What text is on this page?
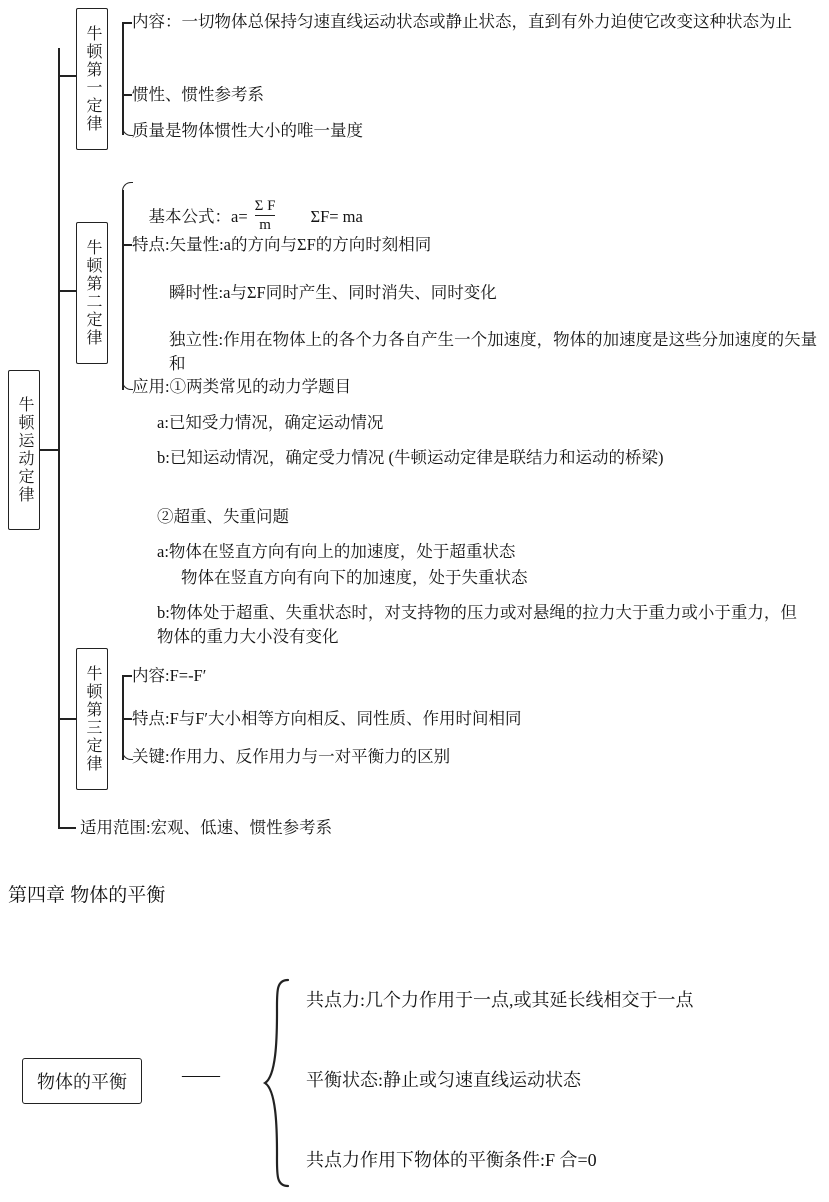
牛顿运动定律
牛顿第一定律
内容：一切物体总保持匀速直线运动状态或静止状态，直到有外力迫使它改变这种状态为止
惯性、惯性参考系
质量是物体惯性大小的唯一量度
牛顿第二定律

基本公式：$a= \frac{\text{Σ F}}{m} \Sigma F=$ ma

特点:矢量性:a的方向与ΣF的方向时刻相同
瞬时性:a与ΣF同时产生、同时消失、同时变化
独立性:作用在物体上的各个力各自产生一个加速度，物体的加速度是这些分加速度的矢量和
应用:①两类常见的动力学题目
a:已知受力情况，确定运动情况
b:已知运动情况，确定受力情况 (牛顿运动定律是联结力和运动的桥梁)
②超重、失重问题
a:物体在竖直方向有向上的加速度，处于超重状态
物体在竖直方向有向下的加速度，处于失重状态
b:物体处于超重、失重状态时，对支持物的压力或对悬绳的拉力大于重力或小于重力，但物体的重力大小没有变化
牛顿第三定律 内容:F=-F′
特点:F与F′大小相等方向相反、同性质、作用时间相同
关键:作用力、反作用力与一对平衡力的区别
适用范围:宏观、低速、惯性参考系
第四章 物体的平衡
物体的平衡	——
共点力:几个力作用于一点,或其延长线相交于一点
平衡状态:静止或匀速直线运动状态
共点力作用下物体的平衡条件:F 合=0
